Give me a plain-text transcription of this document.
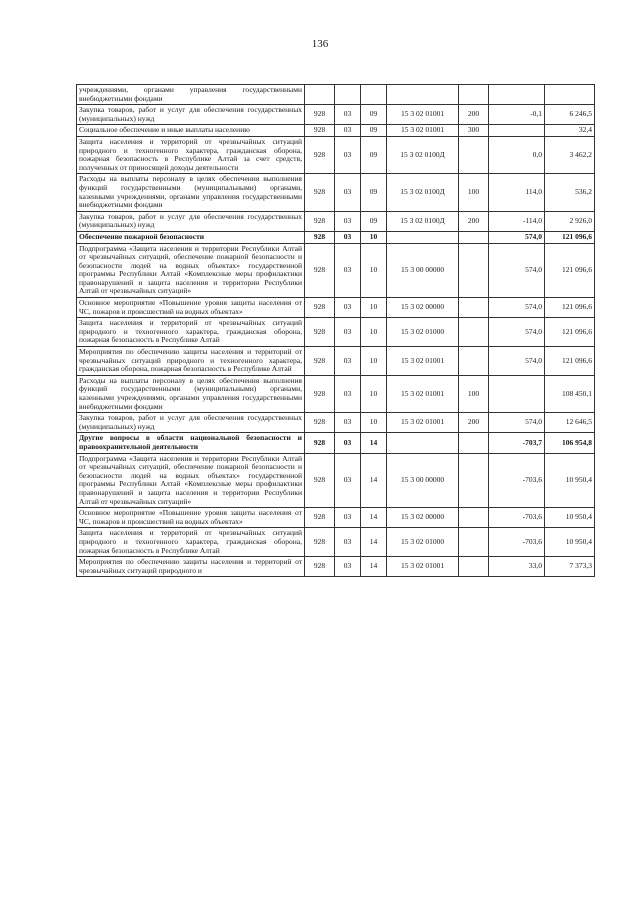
136
учреждениями, органами управления государственными внебюджетными фондами							
Закупка товаров, работ и услуг для обеспечения государственных (муниципальных) нужд	928	03	09	15 3 02 01001	200	-0,1	6 246,5
Социальное обеспечение и иные выплаты населению	928	03	09	15 3 02 01001	300		32,4
Защита населения и территорий от чрезвычайных ситуаций природного и техногенного характера, гражданская оборона, пожарная безопасность в Республике Алтай за счет средств, полученных от приносящей доходы деятельности	928	03	09	15 3 02 0100Д		0,0	3 462,2
Расходы на выплаты персоналу в целях обеспечения выполнения функций государственными (муниципальными) органами, казенными учреждениями, органами управления государственными внебюджетными фондами	928	03	09	15 3 02 0100Д	100	114,0	536,2
Закупка товаров, работ и услуг для обеспечения государственных (муниципальных) нужд	928	03	09	15 3 02 0100Д	200	-114,0	2 926,0
Обеспечение пожарной безопасности	928	03	10			574,0	121 096,6
Подпрограмма «Защита населения и территории Республики Алтай от чрезвычайных ситуаций, обеспечение пожарной безопасности и безопасности людей на водных объектах» государственной программы Республики Алтай «Комплексные меры профилактики правонарушений и защита населения и территории Республики Алтай от чрезвычайных ситуаций»	928	03	10	15 3 00 00000		574,0	121 096,6
Основное мероприятие «Повышение уровня защиты населения от ЧС, пожаров и происшествий на водных объектах»	928	03	10	15 3 02 00000		574,0	121 096,6
Защита населения и территорий от чрезвычайных ситуаций природного и техногенного характера, гражданская оборона, пожарная безопасность в Республике Алтай	928	03	10	15 3 02 01000		574,0	121 096,6
Мероприятия по обеспечению защиты населения и территорий от чрезвычайных ситуаций природного и техногенного характера, гражданская оборона, пожарная безопасность в Республике Алтай	928	03	10	15 3 02 01001		574,0	121 096,6
Расходы на выплаты персоналу в целях обеспечения выполнения функций государственными (муниципальными) органами, казенными учреждениями, органами управления государственными внебюджетными фондами	928	03	10	15 3 02 01001	100		108 450,1
Закупка товаров, работ и услуг для обеспечения государственных (муниципальных) нужд	928	03	10	15 3 02 01001	200	574,0	12 646,5
Другие вопросы в области национальной безопасности и правоохранительной деятельности	928	03	14			-703,7	106 954,8
Подпрограмма «Защита населения и территории Республики Алтай от чрезвычайных ситуаций, обеспечение пожарной безопасности и безопасности людей на водных объектах» государственной программы Республики Алтай «Комплексные меры профилактики правонарушений и защита населения и территории Республики Алтай от чрезвычайных ситуаций»	928	03	14	15 3 00 00000		-703,6	10 950,4
Основное мероприятие «Повышение уровня защиты населения от ЧС, пожаров и происшествий на водных объектах»	928	03	14	15 3 02 00000		-703,6	10 950,4
Защита населения и территорий от чрезвычайных ситуаций природного и техногенного характера, гражданская оборона, пожарная безопасность в Республике Алтай	928	03	14	15 3 02 01000		-703,6	10 950,4
Мероприятия по обеспечению защиты населения и территорий от чрезвычайных ситуаций природного и	928	03	14	15 3 02 01001		33,0	7 373,3
